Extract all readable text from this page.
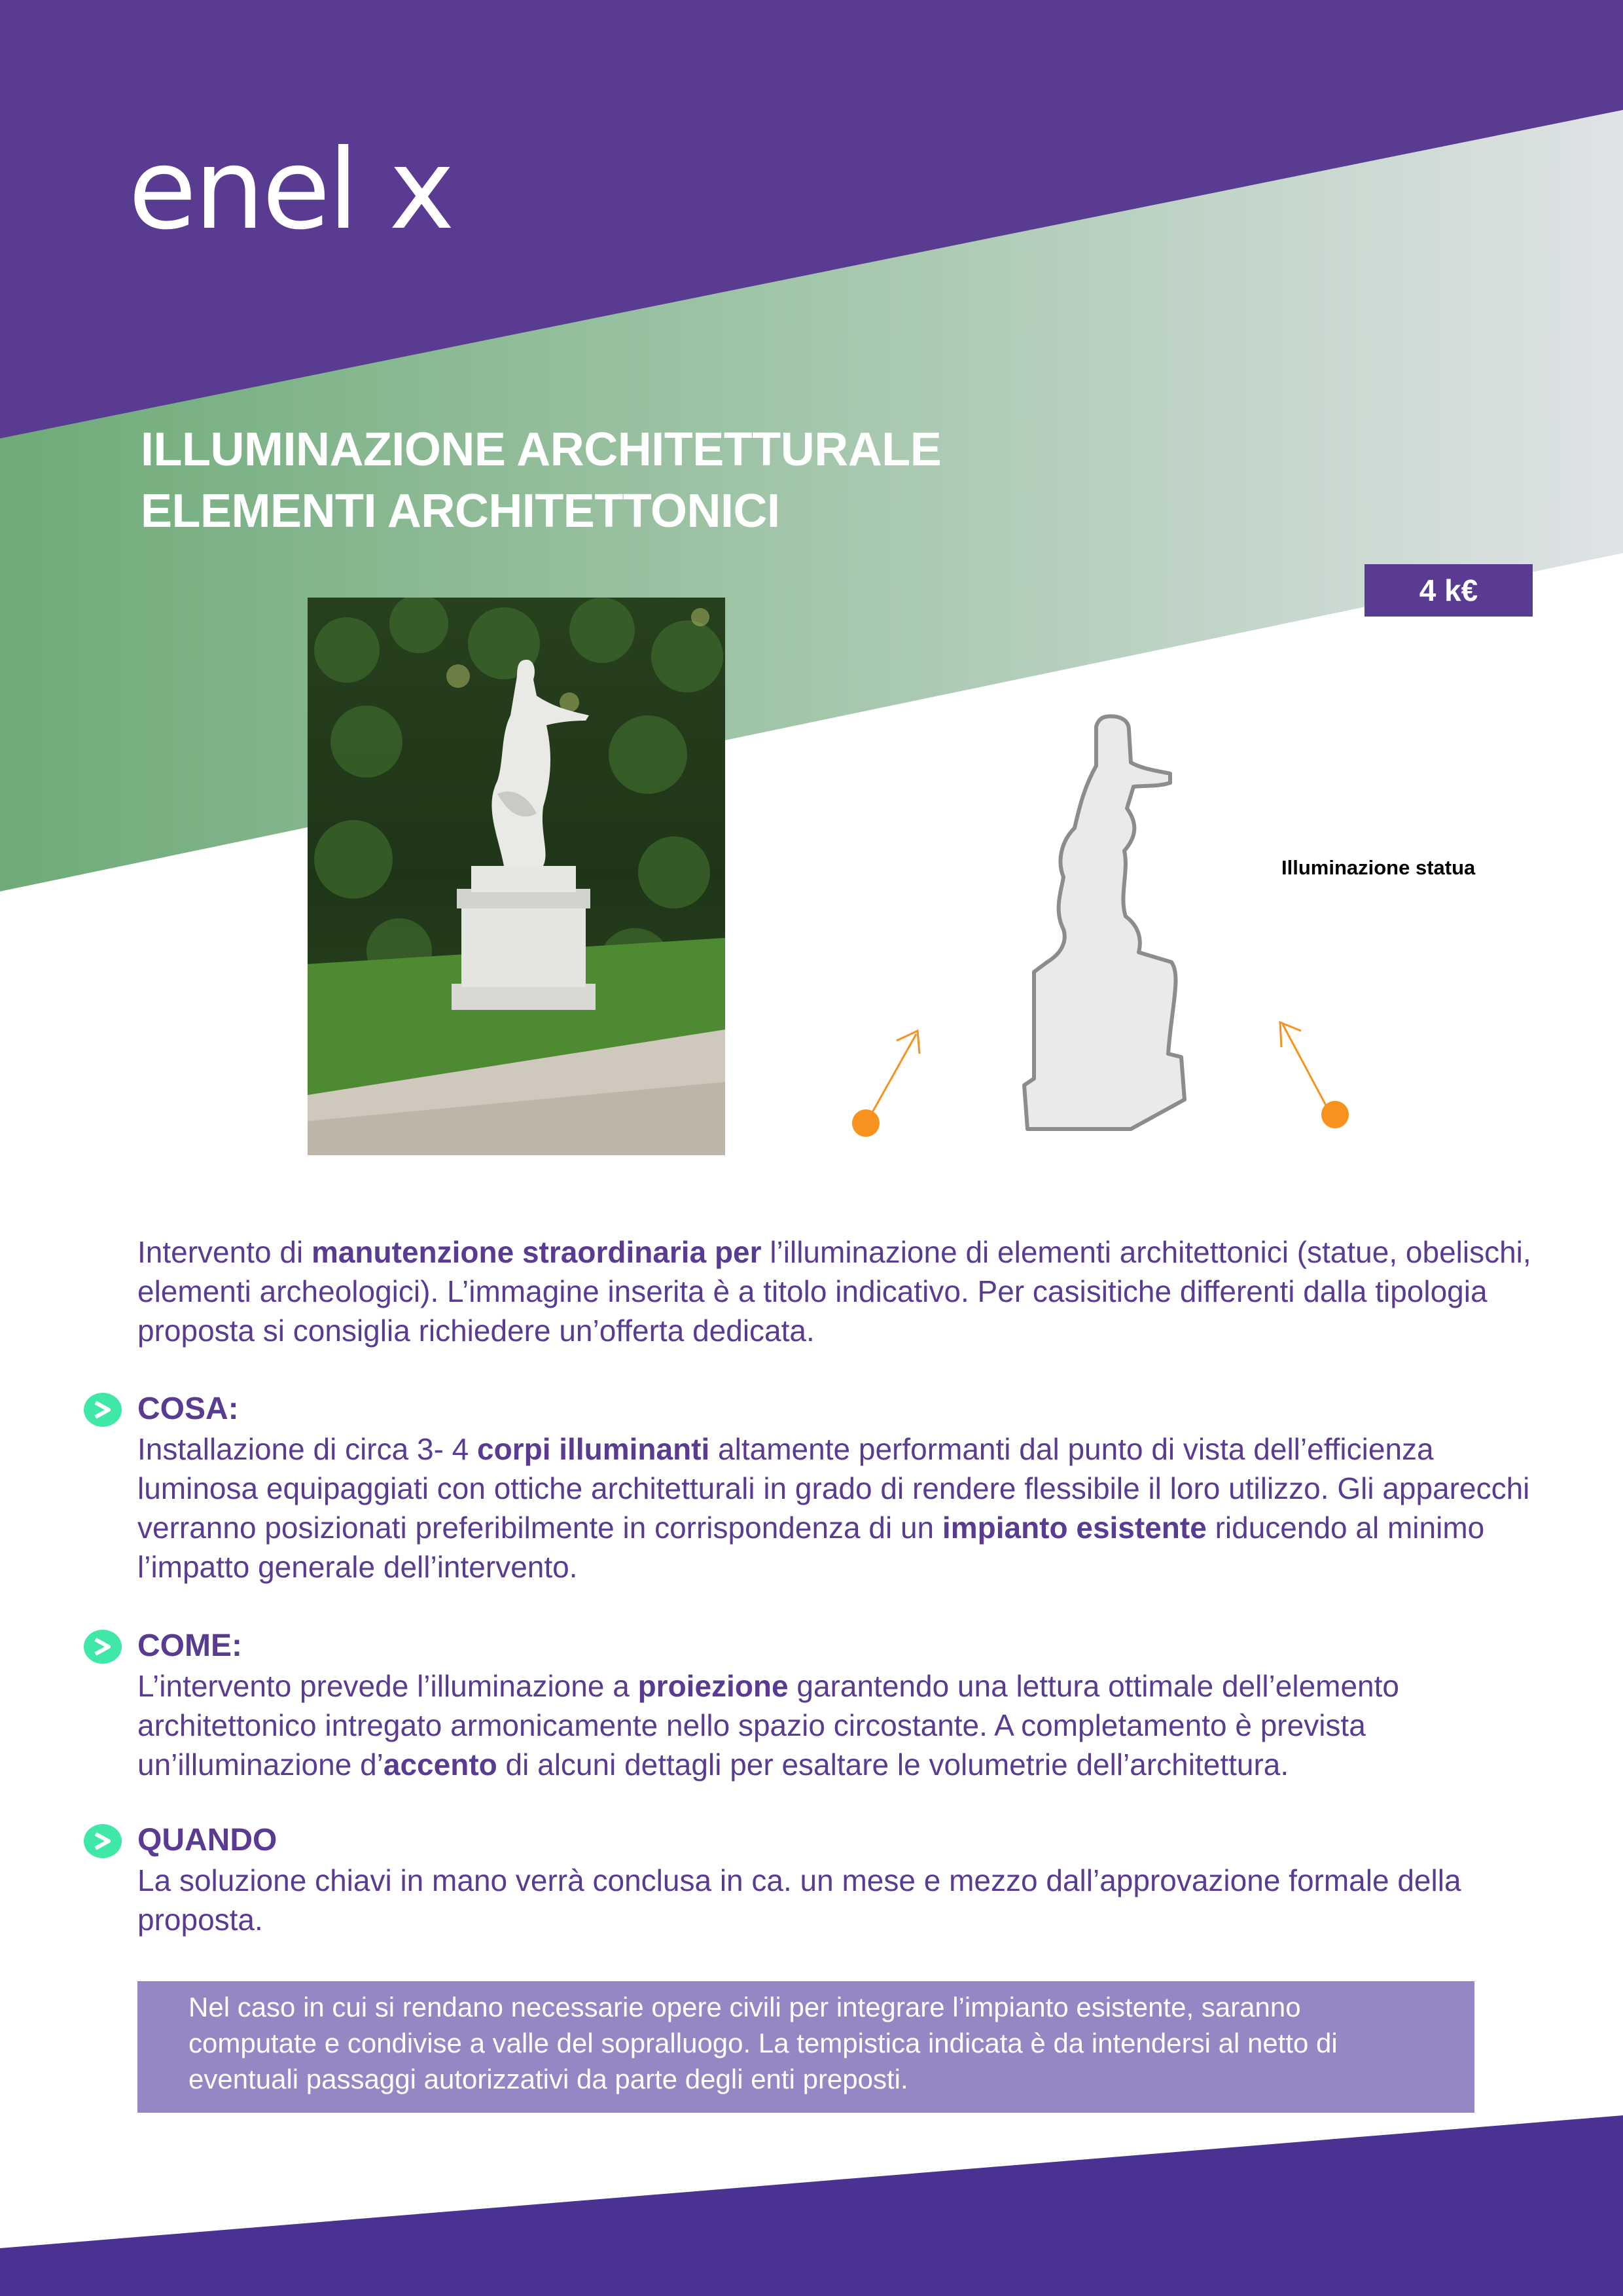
enel x
ILLUMINAZIONE ARCHITETTURALE
ELEMENTI ARCHITETTONICI
4 k€
Illuminazione statua

Intervento di manutenzione straordinaria per l’illuminazione di elementi architettonici (statue, obelischi, elementi archeologici). L’immagine inserita è a titolo indicativo. Per casisitiche differenti dalla tipologia proposta si consiglia richiedere un’offerta dedicata.

COSA:

Installazione di circa 3- 4 corpi illuminanti altamente performanti dal punto di vista dell’efficienza luminosa equipaggiati con ottiche architetturali in grado di rendere flessibile il loro utilizzo. Gli apparecchi verranno posizionati preferibilmente in corrispondenza di un impianto esistente riducendo al minimo l’impatto generale dell’intervento.

COME:

L’intervento prevede l’illuminazione a proiezione garantendo una lettura ottimale dell’elemento architettonico intregato armonicamente nello spazio circostante. A completamento è prevista un’illuminazione d’accento di alcuni dettagli per esaltare le volumetrie dell’architettura.

QUANDO

La soluzione chiavi in mano verrà conclusa in ca. un mese e mezzo dall’approvazione formale della proposta.

Nel caso in cui si rendano necessarie opere civili per integrare l’impianto esistente, saranno computate e condivise a valle del sopralluogo. La tempistica indicata è da intendersi al netto di eventuali passaggi autorizzativi da parte degli enti preposti.
